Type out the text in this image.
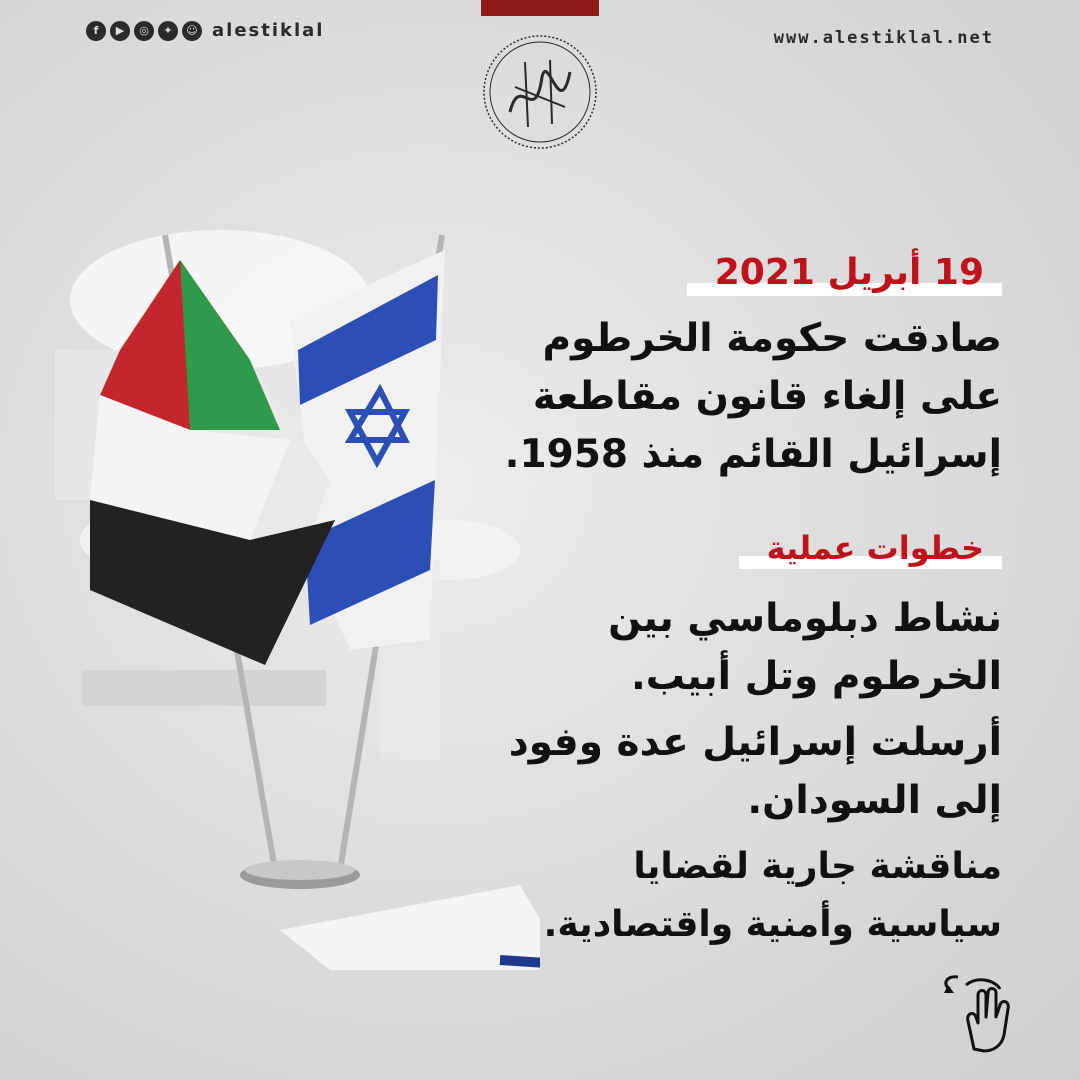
f	▶	◎	✦	☺ alestiklal	www.alestiklal.net
19 أبريل 2021
صادقت حكومة الخرطوم
على إلغاء قانون مقاطعة
إسرائيل القائم منذ 1958.
خطوات عملية

نشاط دبلوماسي بين الخرطوم وتل أبيب.

أرسلت إسرائيل عدة وفود إلى السودان.

مناقشة جارية لقضايا سياسية وأمنية واقتصادية.
